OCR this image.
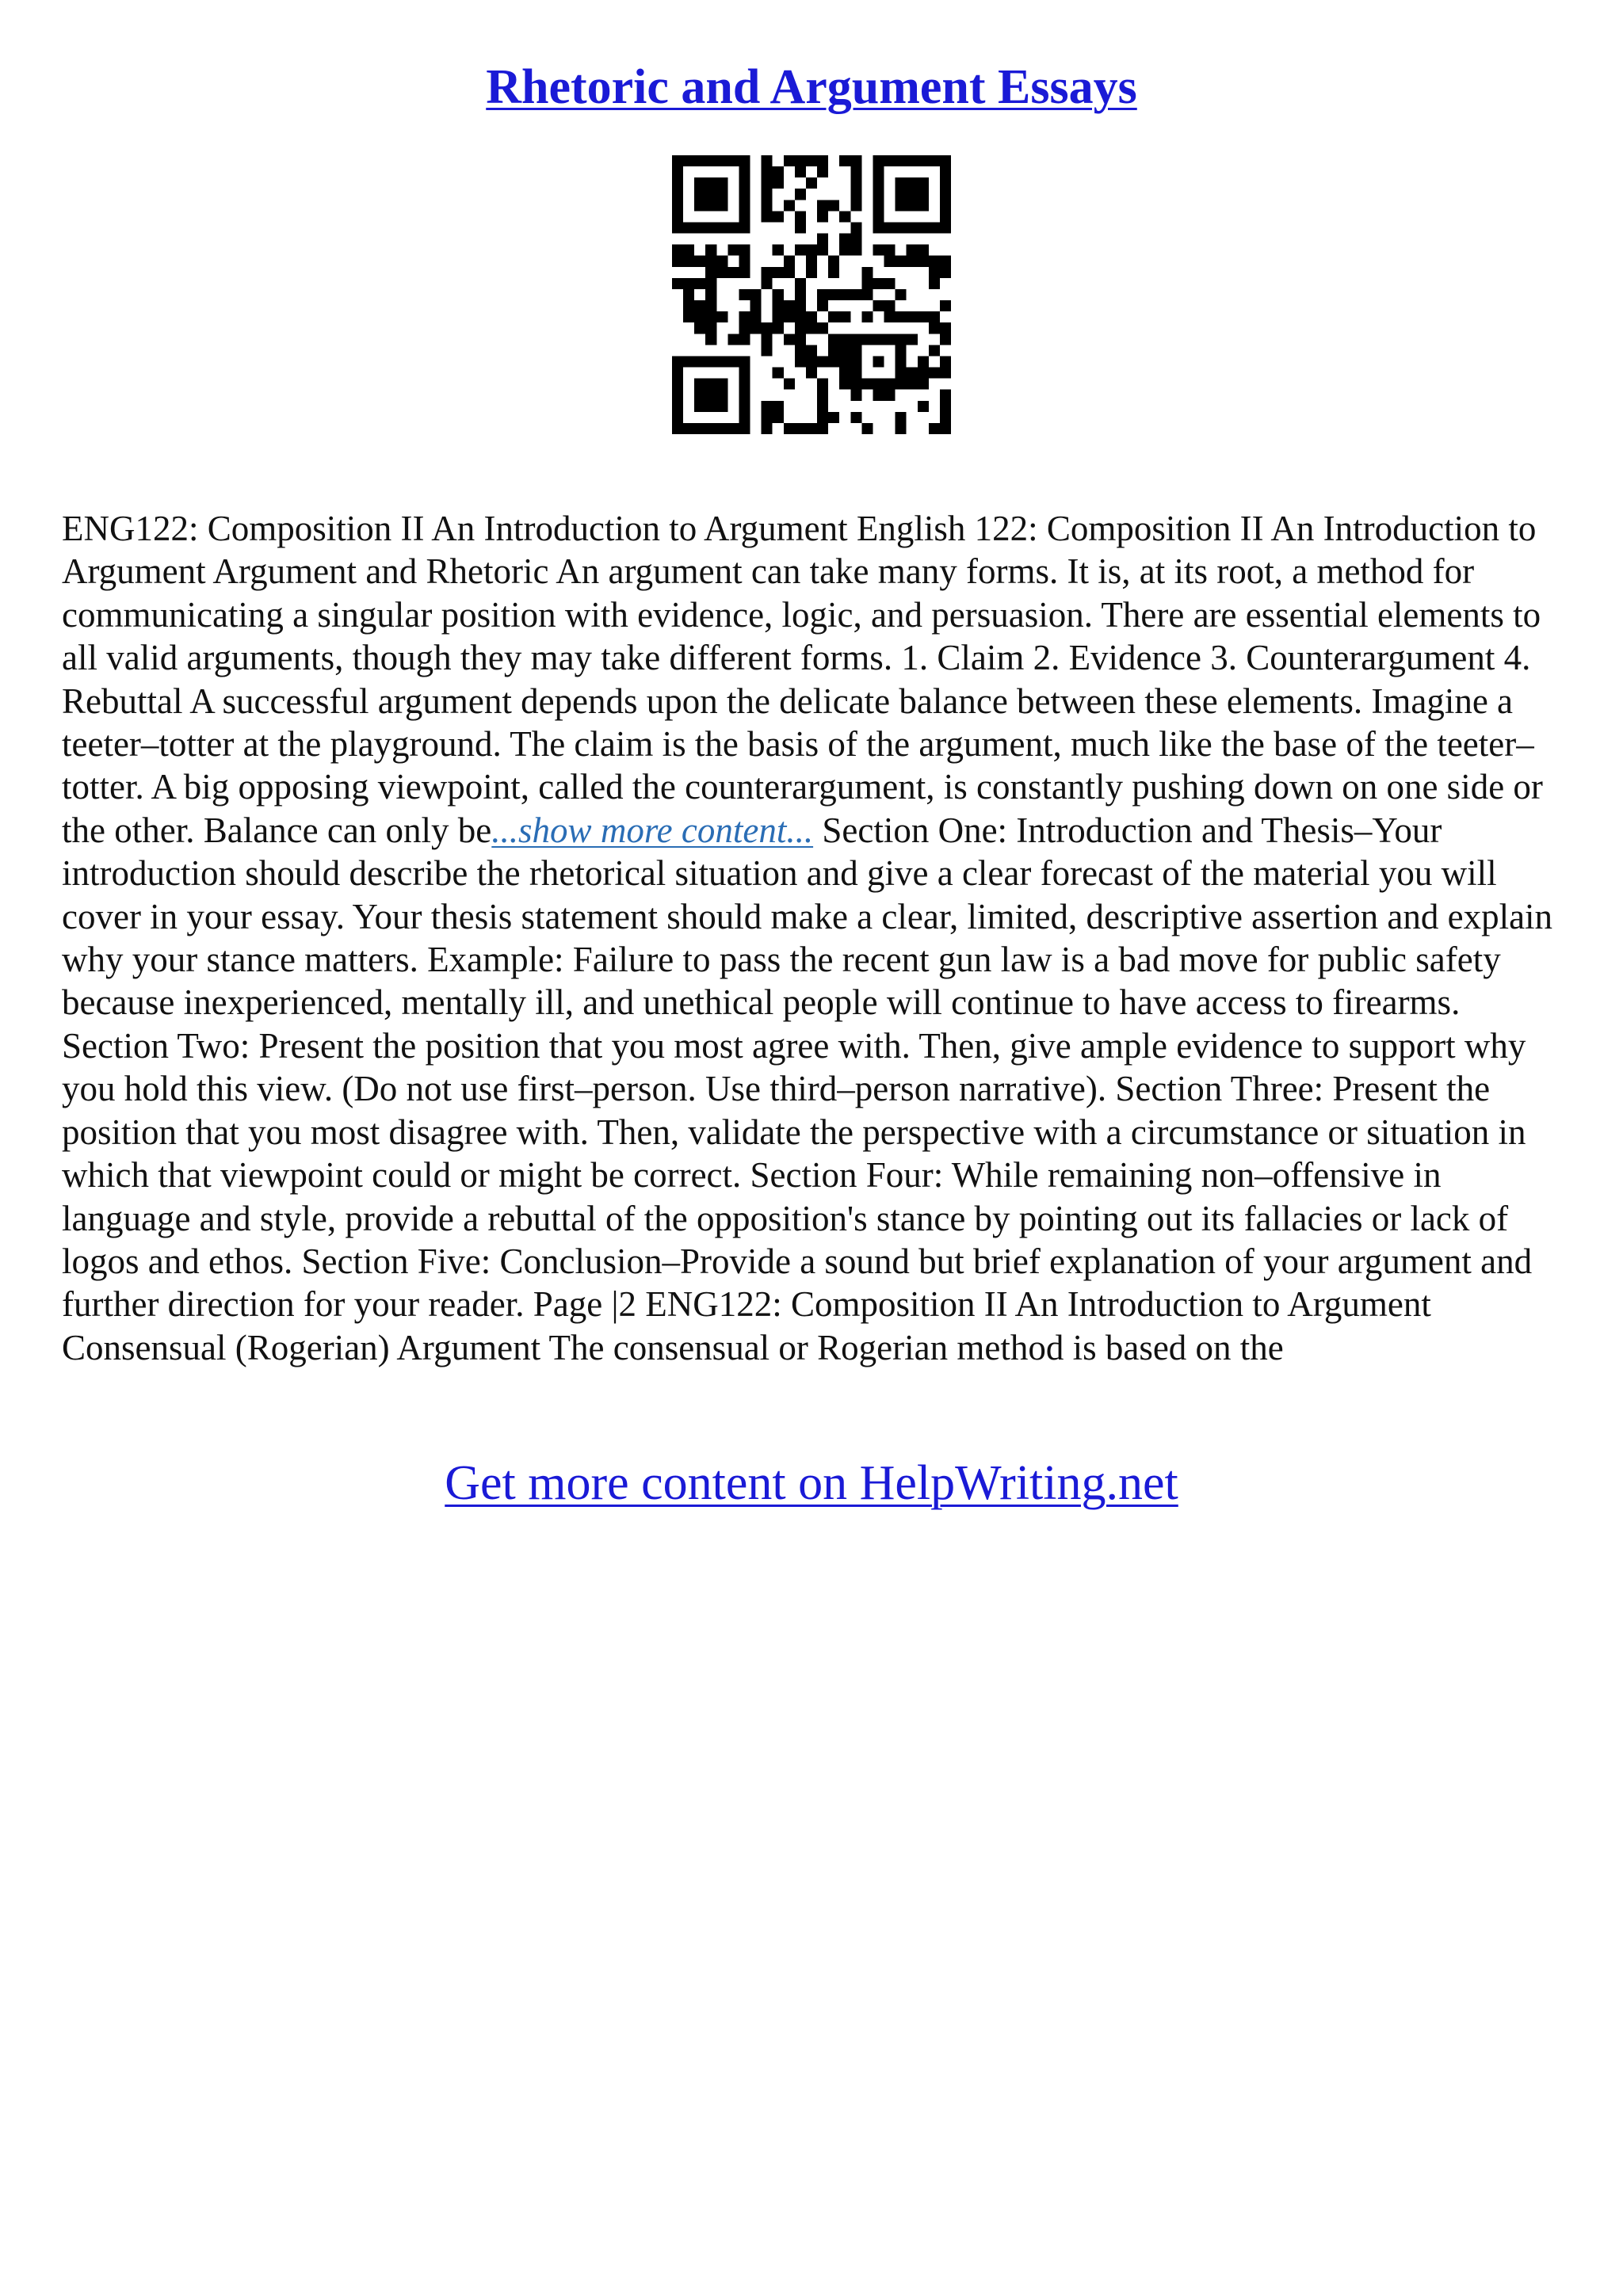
Rhetoric and Argument Essays

ENG122: Composition II An Introduction to Argument English 122: Composition II An Introduction to Argument Argument and Rhetoric An argument can take many forms. It is, at its root, a method for communicating a singular position with evidence, logic, and persuasion. There are essential elements to all valid arguments, though they may take different forms. 1. Claim 2. Evidence 3. Counterargument 4. Rebuttal A successful argument depends upon the delicate balance between these elements. Imagine a teeter–totter at the playground. The claim is the basis of the argument, much like the base of the teeter–totter. A big opposing viewpoint, called the counterargument, is constantly pushing down on one side or the other. Balance can only be...show more content... Section One: Introduction and Thesis–Your introduction should describe the rhetorical situation and give a clear forecast of the material you will cover in your essay. Your thesis statement should make a clear, limited, descriptive assertion and explain why your stance matters. Example: Failure to pass the recent gun law is a bad move for public safety because inexperienced, mentally ill, and unethical people will continue to have access to firearms. Section Two: Present the position that you most agree with. Then, give ample evidence to support why you hold this view. (Do not use first–person. Use third–person narrative). Section Three: Present the position that you most disagree with. Then, validate the perspective with a circumstance or situation in which that viewpoint could or might be correct. Section Four: While remaining non–offensive in language and style, provide a rebuttal of the opposition's stance by pointing out its fallacies or lack of logos and ethos. Section Five: Conclusion–Provide a sound but brief explanation of your argument and further direction for your reader. Page |2 ENG122: Composition II An Introduction to Argument Consensual (Rogerian) Argument The consensual or Rogerian method is based on the

Get more content on HelpWriting.net
